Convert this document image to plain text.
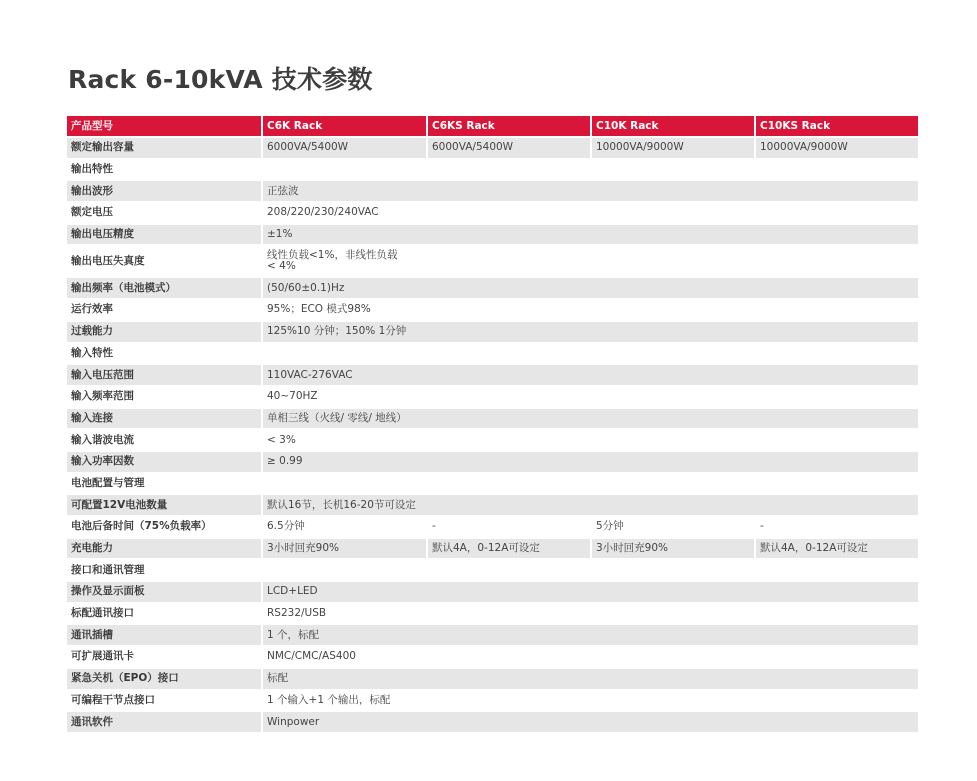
Rack 6-10kVA 技术参数
产品型号	C6K Rack	C6KS Rack	C10K Rack	C10KS Rack
额定输出容量	6000VA/5400W	6000VA/5400W	10000VA/9000W	10000VA/9000W
输出特性				
输出波形	正弦波			

额定电压	208/220/230/240VAC			

输出电压精度	±1%			

输出电压失真度	线性负载<1%，非线性负载
< 4%			

输出频率（电池模式）	(50/60±0.1)Hz			

运行效率	95%；ECO 模式98%			

过载能力	125%10 分钟；150% 1分钟			

输入特性				
输入电压范围	110VAC-276VAC			

输入频率范围	40~70HZ			

输入连接	单相三线（火线/ 零线/ 地线）			

输入谐波电流	< 3%			

输入功率因数	≥ 0.99			

电池配置与管理				
可配置12V电池数量	默认16节，长机16-20节可设定			

电池后备时间（75%负载率）	6.5分钟	-	5分钟	-
充电能力	3小时回充90%	默认4A，0-12A可设定	3小时回充90%	默认4A，0-12A可设定
接口和通讯管理				
操作及显示面板	LCD+LED			

标配通讯接口	RS232/USB			

通讯插槽	1 个，标配			

可扩展通讯卡	NMC/CMC/AS400			

紧急关机（EPO）接口	标配			

可编程干节点接口	1 个输入+1 个输出，标配			

通讯软件	Winpower			
